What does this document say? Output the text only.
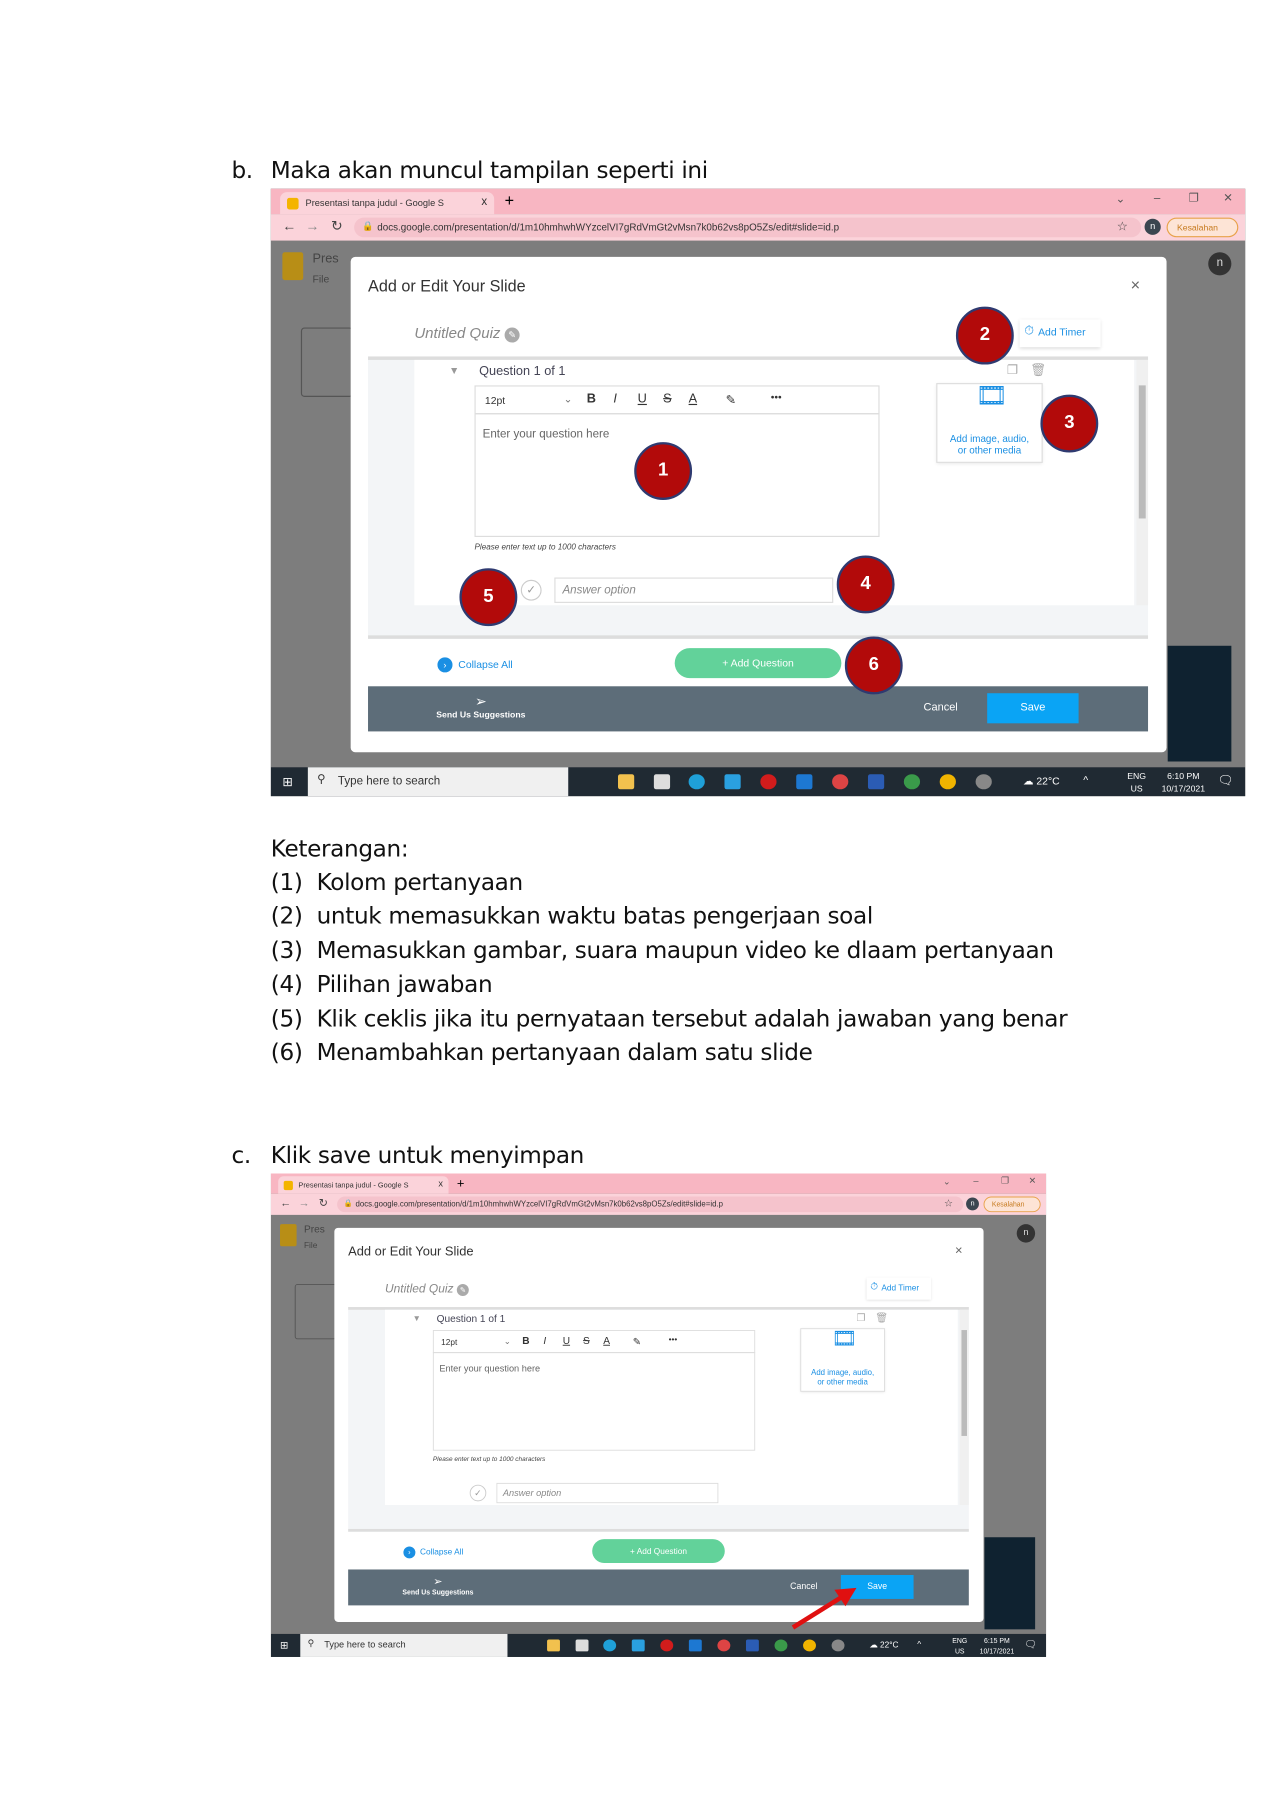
b. Maka akan muncul tampilan seperti ini
Presentasi tanpa judul - Google S	x +	⌄	–	❐ ✕
← → ↻ 🔒 docs.google.com/presentation/d/1m10hmhwhWYzcelVI7gRdVmGt2vMsn7k0b62vs8pO5Zs/edit#slide=id.p	☆	n	Kesalahan
Pres
File
n
⊞ ⚲ Type here to search	☁ 22°C	^	ENG
US
6:10 PM
10/17/2021
🗨
Add or Edit Your Slide	×
Untitled Quiz ✎	⏱ Add Timer
▼ Question 1 of 1	❐ 🗑
12pt	⌄ B I U S A	✎	•••
Enter your question here
Please enter text up to 1000 characters
✓	Answer option
🎞
Add image, audio,
or other media
› Collapse All	+ Add Question
➢
Send Us Suggestions
Cancel	Save
1
2
3
4
5
6
Keterangan:
(1) Kolom pertanyaan
(2) untuk memasukkan waktu batas pengerjaan soal
(3) Memasukkan gambar, suara maupun video ke dlaam pertanyaan
(4) Pilihan jawaban
(5) Klik ceklis jika itu pernyataan tersebut adalah jawaban yang benar
(6) Menambahkan pertanyaan dalam satu slide
c. Klik save untuk menyimpan
Presentasi tanpa judul - Google S	x +	⌄ – ❐ ✕
← → ↻ 🔒 docs.google.com/presentation/d/1m10hmhwhWYzcelVI7gRdVmGt2vMsn7k0b62vs8pO5Zs/edit#slide=id.p	☆	n	Kesalahan
Pres
File
n
⊞ ⚲ Type here to search	☁ 22°C ^	ENG
US
6:15 PM
10/17/2021
🗨
Add or Edit Your Slide	×
Untitled Quiz ✎	⏱ Add Timer
▼ Question 1 of 1	❐ 🗑
12pt	⌄ B I U S A ✎	•••
Enter your question here
Please enter text up to 1000 characters
✓	Answer option
🎞
Add image, audio,
or other media
› Collapse All	+ Add Question
➢
Send Us Suggestions
Cancel	Save
